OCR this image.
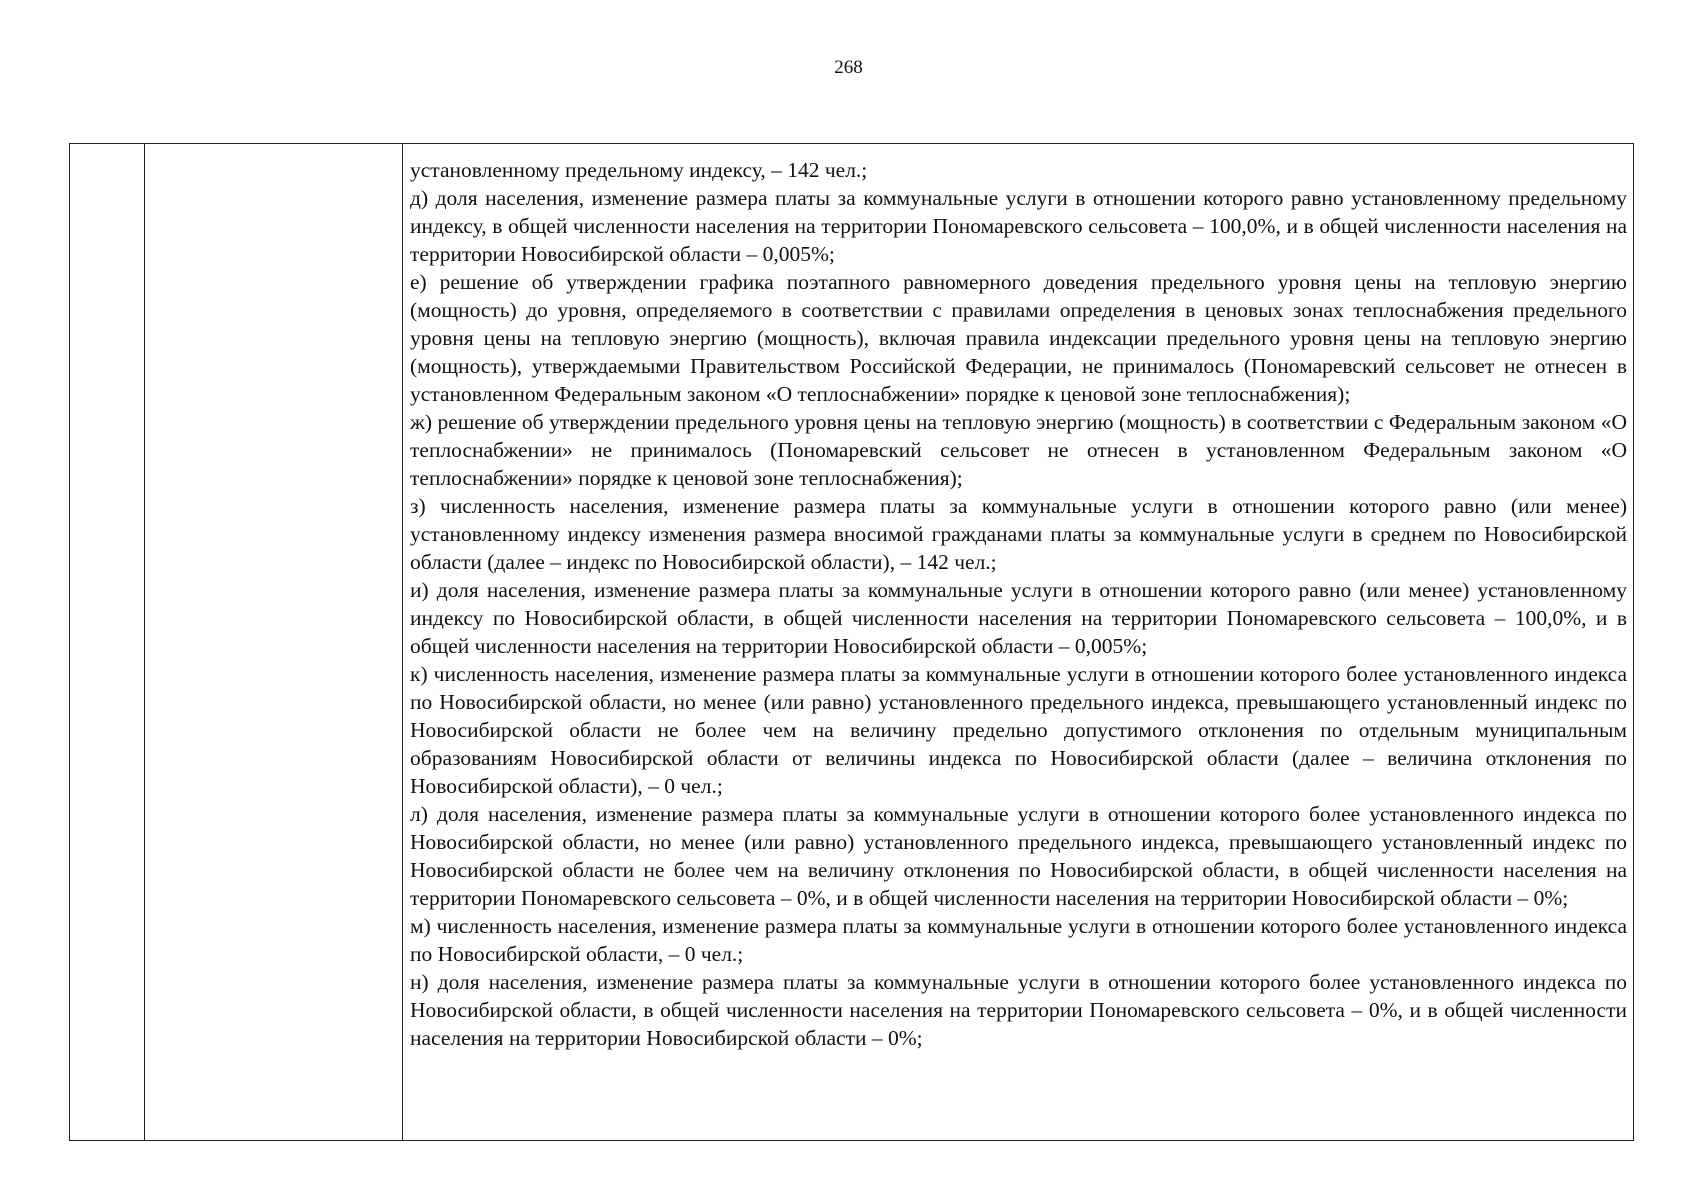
268

установленному предельному индексу, – 142 чел.;

д) доля населения, изменение размера платы за коммунальные услуги в отношении которого равно установленному предельному индексу, в общей численности населения на территории Пономаревского сельсовета – 100,0%, и в общей численности населения на территории Новосибирской области – 0,005%;

е) решение об утверждении графика поэтапного равномерного доведения предельного уровня цены на тепловую энергию (мощность) до уровня, определяемого в соответствии с правилами определения в ценовых зонах теплоснабжения предельного уровня цены на тепловую энергию (мощность), включая правила индексации предельного уровня цены на тепловую энергию (мощность), утверждаемыми Правительством Российской Федерации, не принималось (Пономаревский сельсовет не отнесен в установленном Федеральным законом «О теплоснабжении» порядке к ценовой зоне теплоснабжения);

ж) решение об утверждении предельного уровня цены на тепловую энергию (мощность) в соответствии с Федеральным законом «О теплоснабжении» не принималось (Пономаревский сельсовет не отнесен в установленном Федеральным законом «О теплоснабжении» порядке к ценовой зоне теплоснабжения);

з) численность населения, изменение размера платы за коммунальные услуги в отношении которого равно (или менее) установленному индексу изменения размера вносимой гражданами платы за коммунальные услуги в среднем по Новосибирской области (далее – индекс по Новосибирской области), – 142 чел.;

и) доля населения, изменение размера платы за коммунальные услуги в отношении которого равно (или менее) установленному индексу по Новосибирской области, в общей численности населения на территории Пономаревского сельсовета – 100,0%, и в общей численности населения на территории Новосибирской области – 0,005%;

к) численность населения, изменение размера платы за коммунальные услуги в отношении которого более установленного индекса по Новосибирской области, но менее (или равно) установленного предельного индекса, превышающего установленный индекс по Новосибирской области не более чем на величину предельно допустимого отклонения по отдельным муниципальным образованиям Новосибирской области от величины индекса по Новосибирской области (далее – величина отклонения по Новосибирской области), – 0 чел.;

л) доля населения, изменение размера платы за коммунальные услуги в отношении которого более установленного индекса по Новосибирской области, но менее (или равно) установленного предельного индекса, превышающего установленный индекс по Новосибирской области не более чем на величину отклонения по Новосибирской области, в общей численности населения на территории Пономаревского сельсовета – 0%, и в общей численности населения на территории Новосибирской области – 0%;

м) численность населения, изменение размера платы за коммунальные услуги в отношении которого более установленного индекса по Новосибирской области, – 0 чел.;

н) доля населения, изменение размера платы за коммунальные услуги в отношении которого более установленного индекса по Новосибирской области, в общей численности населения на территории Пономаревского сельсовета – 0%, и в общей численности населения на территории Новосибирской области – 0%;
